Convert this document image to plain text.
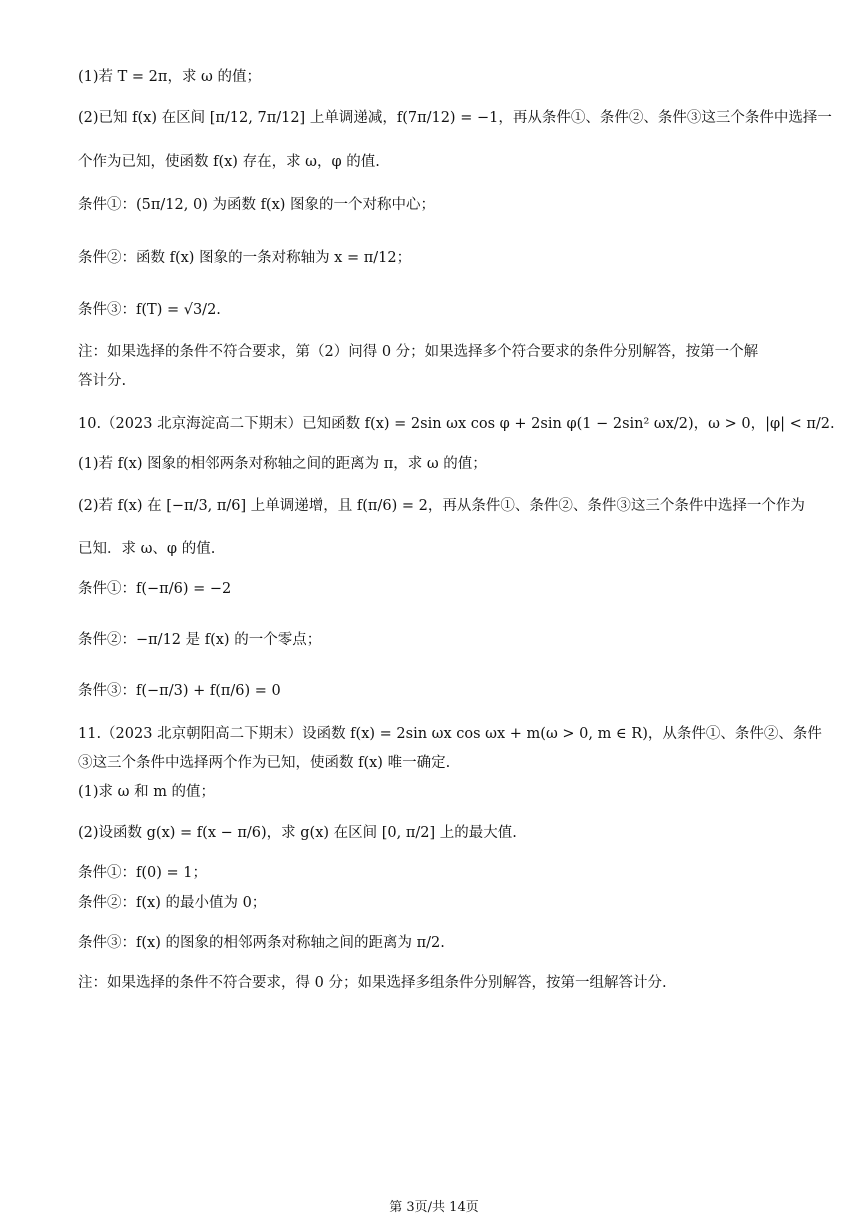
(1)若 T = 2π，求 ω 的值；
(2)已知 f(x) 在区间 [π/12, 7π/12] 上单调递减，f(7π/12) = −1，再从条件①、条件②、条件③这三个条件中选择一
个作为已知，使函数 f(x) 存在，求 ω，φ 的值.
条件①：(5π/12, 0) 为函数 f(x) 图象的一个对称中心；
条件②：函数 f(x) 图象的一条对称轴为 x = π/12；
条件③：f(T) = √3/2.
注：如果选择的条件不符合要求，第（2）问得 0 分；如果选择多个符合要求的条件分别解答，按第一个解
答计分.
10.（2023 北京海淀高二下期末）已知函数 f(x) = 2sin ωx cos φ + 2sin φ(1 − 2sin² ωx/2)，ω > 0，|φ| < π/2.
(1)若 f(x) 图象的相邻两条对称轴之间的距离为 π，求 ω 的值；
(2)若 f(x) 在 [−π/3, π/6] 上单调递增，且 f(π/6) = 2，再从条件①、条件②、条件③这三个条件中选择一个作为
已知．求 ω、φ 的值.
条件①：f(−π/6) = −2
条件②：−π/12 是 f(x) 的一个零点；
条件③：f(−π/3) + f(π/6) = 0
11.（2023 北京朝阳高二下期末）设函数 f(x) = 2sin ωx cos ωx + m(ω > 0, m ∈ R)，从条件①、条件②、条件
③这三个条件中选择两个作为已知，使函数 f(x) 唯一确定.
(1)求 ω 和 m 的值；
(2)设函数 g(x) = f(x − π/6)，求 g(x) 在区间 [0, π/2] 上的最大值.
条件①：f(0) = 1；
条件②：f(x) 的最小值为 0；
条件③：f(x) 的图象的相邻两条对称轴之间的距离为 π/2.
注：如果选择的条件不符合要求，得 0 分；如果选择多组条件分别解答，按第一组解答计分.
第 3页/共 14页
